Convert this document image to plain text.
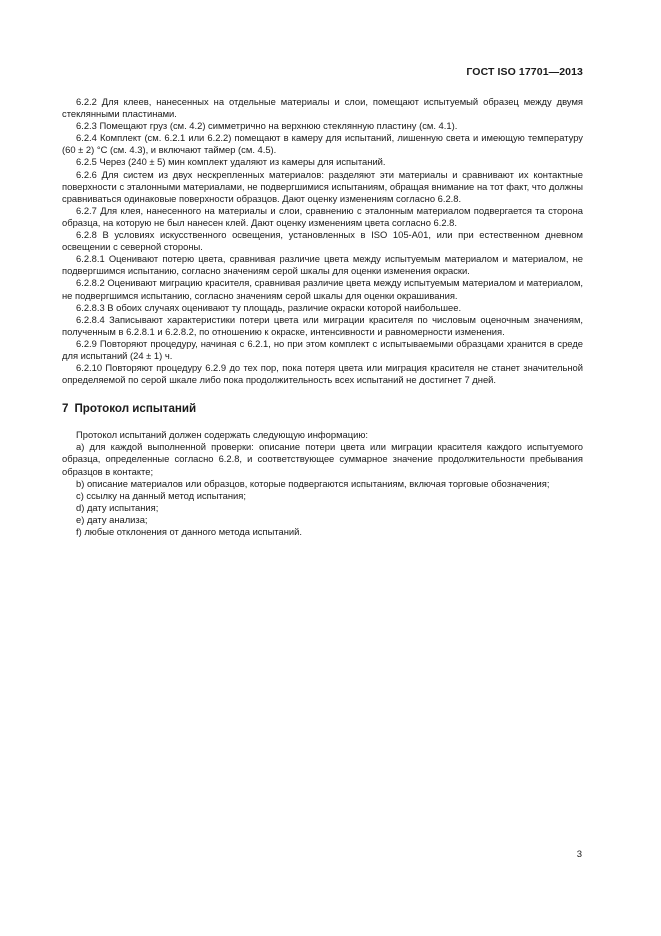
ГОСТ ISO 17701—2013

6.2.2 Для клеев, нанесенных на отдельные материалы и слои, помещают испытуемый образец между двумя стеклянными пластинами.

6.2.3 Помещают груз (см. 4.2) симметрично на верхнюю стеклянную пластину (см. 4.1).

6.2.4 Комплект (см. 6.2.1 или 6.2.2) помещают в камеру для испытаний, лишенную света и имеющую температуру (60 ± 2) °С (см. 4.3), и включают таймер (см. 4.5).

6.2.5 Через (240 ± 5) мин комплект удаляют из камеры для испытаний.

6.2.6 Для систем из двух нескрепленных материалов: разделяют эти материалы и сравнивают их контактные поверхности с эталонными материалами, не подвергшимися испытаниям, обращая внимание на тот факт, что должны сравниваться одинаковые поверхности образцов. Дают оценку изменениям согласно 6.2.8.

6.2.7 Для клея, нанесенного на материалы и слои, сравнению с эталонным материалом подвергается та сторона образца, на которую не был нанесен клей. Дают оценку изменениям цвета согласно 6.2.8.

6.2.8 В условиях искусственного освещения, установленных в ISO 105-A01, или при естественном дневном освещении с северной стороны.

6.2.8.1 Оценивают потерю цвета, сравнивая различие цвета между испытуемым материалом и материалом, не подвергшимся испытанию, согласно значениям серой шкалы для оценки изменения окраски.

6.2.8.2 Оценивают миграцию красителя, сравнивая различие цвета между испытуемым материалом и материалом, не подвергшимся испытанию, согласно значениям серой шкалы для оценки окрашивания.

6.2.8.3 В обоих случаях оценивают ту площадь, различие окраски которой наибольшее.

6.2.8.4 Записывают характеристики потери цвета или миграции красителя по числовым оценочным значениям, полученным в 6.2.8.1 и 6.2.8.2, по отношению к окраске, интенсивности и равномерности изменения.

6.2.9 Повторяют процедуру, начиная с 6.2.1, но при этом комплект с испытываемыми образцами хранится в среде для испытаний (24 ± 1) ч.

6.2.10 Повторяют процедуру 6.2.9 до тех пор, пока потеря цвета или миграция красителя не станет значительной определяемой по серой шкале либо пока продолжительность всех испытаний не достигнет 7 дней.

7 Протокол испытаний

Протокол испытаний должен содержать следующую информацию:

a) для каждой выполненной проверки: описание потери цвета или миграции красителя каждого испытуемого образца, определенные согласно 6.2.8, и соответствующее суммарное значение продолжительности пребывания образцов в контакте;

b) описание материалов или образцов, которые подвергаются испытаниям, включая торговые обозначения;

c) ссылку на данный метод испытания;

d) дату испытания;

e) дату анализа;

f) любые отклонения от данного метода испытаний.

3
